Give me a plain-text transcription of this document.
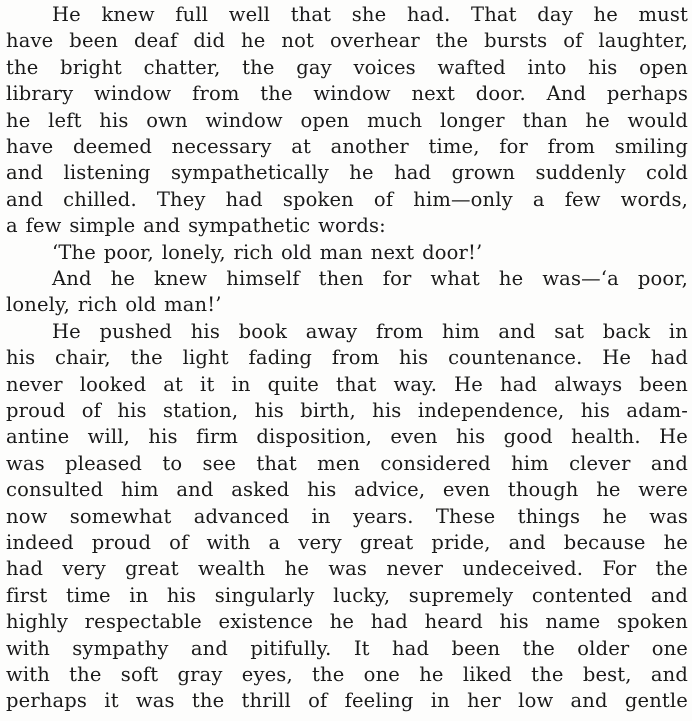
He knew full well that she had. That day he must
have been deaf did he not overhear the bursts of laughter,
the bright chatter, the gay voices wafted into his open
library window from the window next door. And perhaps
he left his own window open much longer than he would
have deemed necessary at another time, for from smiling
and listening sympathetically he had grown suddenly cold
and chilled. They had spoken of him—only a few words,
a few simple and sympathetic words:
‘The poor, lonely, rich old man next door!’
And he knew himself then for what he was—‘a poor,
lonely, rich old man!’
He pushed his book away from him and sat back in
his chair, the light fading from his countenance. He had
never looked at it in quite that way. He had always been
proud of his station, his birth, his independence, his adam-
antine will, his firm disposition, even his good health. He
was pleased to see that men considered him clever and
consulted him and asked his advice, even though he were
now somewhat advanced in years. These things he was
indeed proud of with a very great pride, and because he
had very great wealth he was never undeceived. For the
first time in his singularly lucky, supremely contented and
highly respectable existence he had heard his name spoken
with sympathy and pitifully. It had been the older one
with the soft gray eyes, the one he liked the best, and
perhaps it was the thrill of feeling in her low and gentle
